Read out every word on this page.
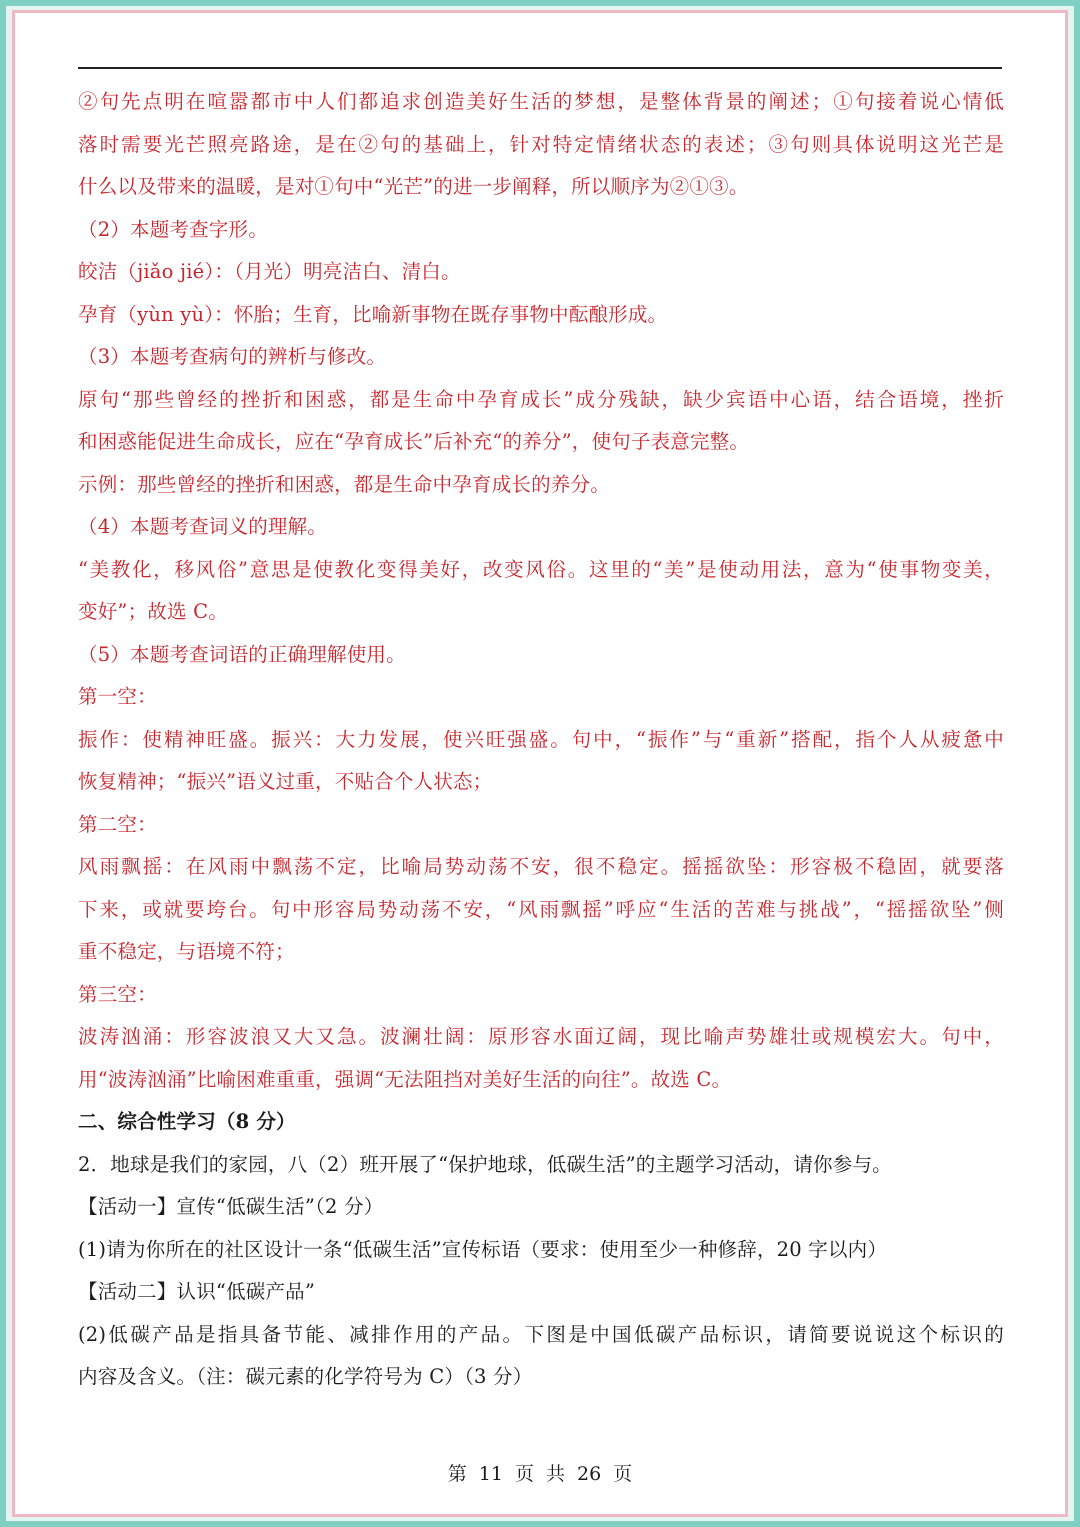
②句先点明在喧嚣都市中人们都追求创造美好生活的梦想，是整体背景的阐述；①句接着说心情低
落时需要光芒照亮路途，是在②句的基础上，针对特定情绪状态的表述；③句则具体说明这光芒是
什么以及带来的温暖，是对①句中“光芒”的进一步阐释，所以顺序为②①③。
（2）本题考查字形。
皎洁（jiǎo jié）：（月光）明亮洁白、清白。
孕育（yùn yù）：怀胎；生育，比喻新事物在既存事物中酝酿形成。
（3）本题考查病句的辨析与修改。
原句“那些曾经的挫折和困惑，都是生命中孕育成长”成分残缺，缺少宾语中心语，结合语境，挫折
和困惑能促进生命成长，应在“孕育成长”后补充“的养分”，使句子表意完整。
示例：那些曾经的挫折和困惑，都是生命中孕育成长的养分。
（4）本题考查词义的理解。
“美教化，移风俗”意思是使教化变得美好，改变风俗。这里的“美”是使动用法，意为“使事物变美，
变好”；故选 C。
（5）本题考查词语的正确理解使用。
第一空：
振作：使精神旺盛。振兴：大力发展，使兴旺强盛。句中，“振作”与“重新”搭配，指个人从疲惫中
恢复精神；“振兴”语义过重，不贴合个人状态；
第二空：
风雨飘摇：在风雨中飘荡不定，比喻局势动荡不安，很不稳定。摇摇欲坠：形容极不稳固，就要落
下来，或就要垮台。句中形容局势动荡不安，“风雨飘摇”呼应“生活的苦难与挑战”，“摇摇欲坠”侧
重不稳定，与语境不符；
第三空：
波涛汹涌：形容波浪又大又急。波澜壮阔：原形容水面辽阔，现比喻声势雄壮或规模宏大。句中，
用“波涛汹涌”比喻困难重重，强调“无法阻挡对美好生活的向往”。故选 C。
二、综合性学习（8 分）
2．地球是我们的家园，八（2）班开展了“保护地球，低碳生活”的主题学习活动，请你参与。
【活动一】宣传“低碳生活”（2 分）
(1)请为你所在的社区设计一条“低碳生活”宣传标语（要求：使用至少一种修辞，20 字以内）
【活动二】认识“低碳产品”
(2)低碳产品是指具备节能、减排作用的产品。下图是中国低碳产品标识，请简要说说这个标识的
内容及含义。（注：碳元素的化学符号为 C）（3 分）
第 11 页 共 26 页
